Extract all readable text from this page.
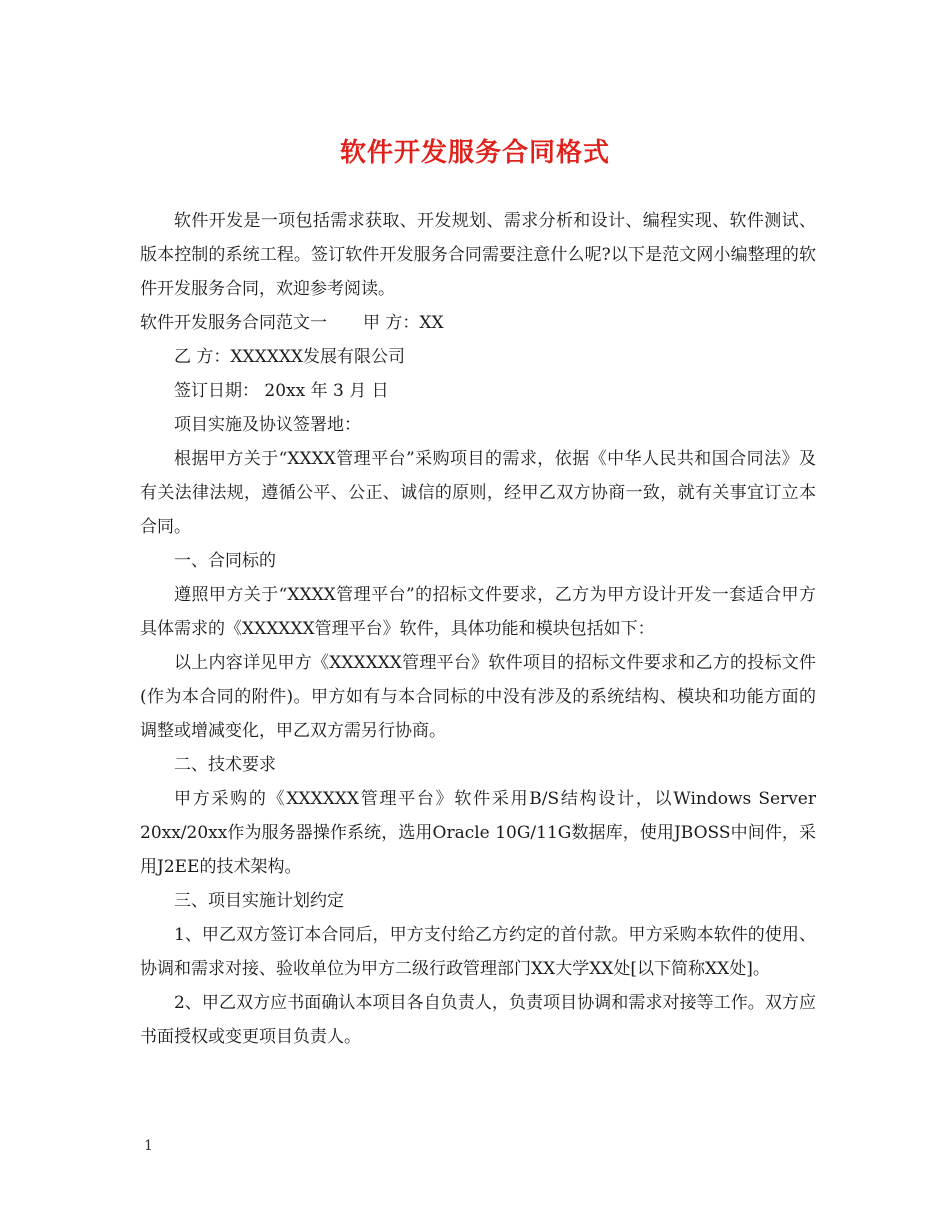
软件开发服务合同格式

软件开发是一项包括需求获取、开发规划、需求分析和设计、编程实现、软件测试、版本控制的系统工程。签订软件开发服务合同需要注意什么呢?以下是范文网小编整理的软件开发服务合同，欢迎参考阅读。

软件开发服务合同范文一 甲 方：XX

乙 方：XXXXXX发展有限公司

签订日期： 20xx 年 3 月 日

项目实施及协议签署地：

根据甲方关于“XXXX管理平台”采购项目的需求，依据《中华人民共和国合同法》及有关法律法规，遵循公平、公正、诚信的原则，经甲乙双方协商一致，就有关事宜订立本合同。

一、合同标的

遵照甲方关于“XXXX管理平台”的招标文件要求，乙方为甲方设计开发一套适合甲方具体需求的《XXXXXX管理平台》软件，具体功能和模块包括如下：

以上内容详见甲方《XXXXXX管理平台》软件项目的招标文件要求和乙方的投标文件(作为本合同的附件)。甲方如有与本合同标的中没有涉及的系统结构、模块和功能方面的调整或增减变化，甲乙双方需另行协商。

二、技术要求

甲方采购的《XXXXXX管理平台》软件采用B/S结构设计，以Windows Server 20xx/20xx作为服务器操作系统，选用Oracle 10G/11G数据库，使用JBOSS中间件，采用J2EE的技术架构。

三、项目实施计划约定

1、甲乙双方签订本合同后，甲方支付给乙方约定的首付款。甲方采购本软件的使用、协调和需求对接、验收单位为甲方二级行政管理部门XX大学XX处[以下简称XX处]。

2、甲乙双方应书面确认本项目各自负责人，负责项目协调和需求对接等工作。双方应书面授权或变更项目负责人。

1
